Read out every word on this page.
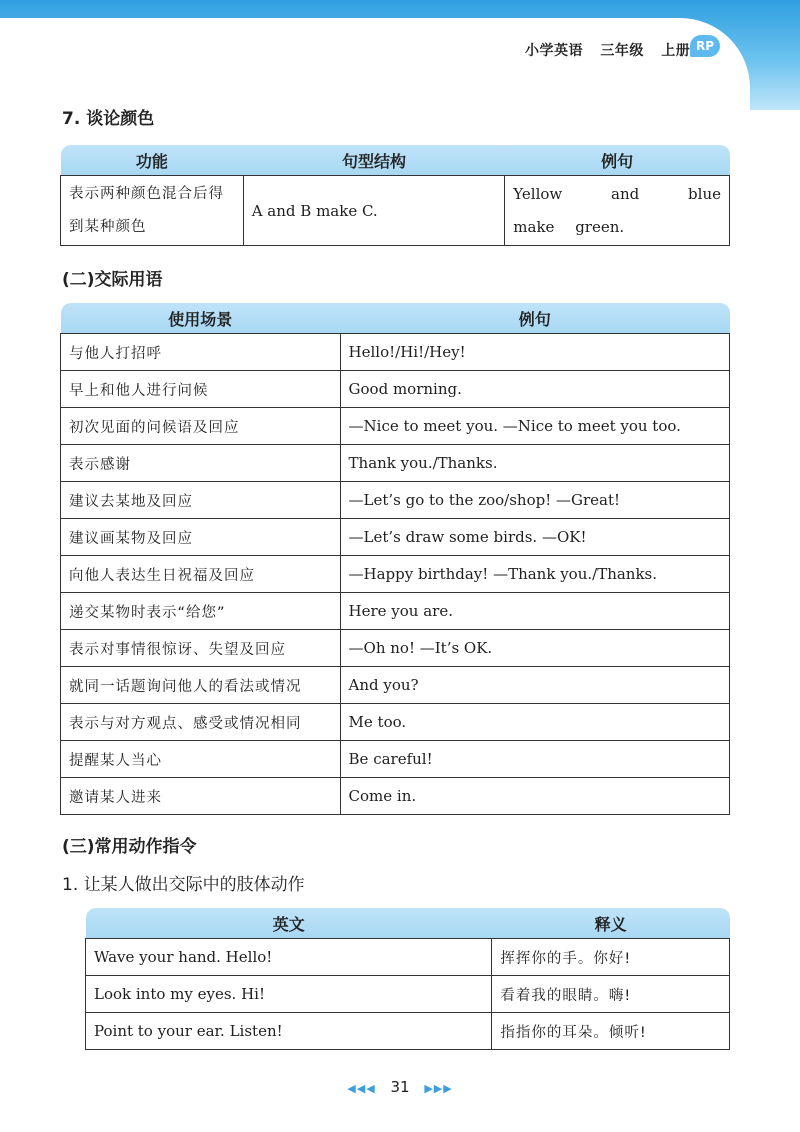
小学英语 三年级 上册 RP
7. 谈论颜色
功能	句型结构	例句
表示两种颜色混合后得到某种颜色	A and B make C.	Yellow and blue make green.
(二)交际用语
使用场景	例句
与他人打招呼	Hello!/Hi!/Hey!
早上和他人进行问候	Good morning.
初次见面的问候语及回应	—Nice to meet you. —Nice to meet you too.
表示感谢	Thank you./Thanks.
建议去某地及回应	—Let’s go to the zoo/shop! —Great!
建议画某物及回应	—Let’s draw some birds. —OK!
向他人表达生日祝福及回应	—Happy birthday! —Thank you./Thanks.
递交某物时表示“给您”	Here you are.
表示对事情很惊讶、失望及回应	—Oh no! —It’s OK.
就同一话题询问他人的看法或情况	And you?
表示与对方观点、感受或情况相同	Me too.
提醒某人当心	Be careful!
邀请某人进来	Come in.
(三)常用动作指令
1. 让某人做出交际中的肢体动作
英文	释义
Wave your hand. Hello!	挥挥你的手。你好!
Look into my eyes. Hi!	看着我的眼睛。嗨!
Point to your ear. Listen!	指指你的耳朵。倾听!
◀◀◀ 31 ▶▶▶
